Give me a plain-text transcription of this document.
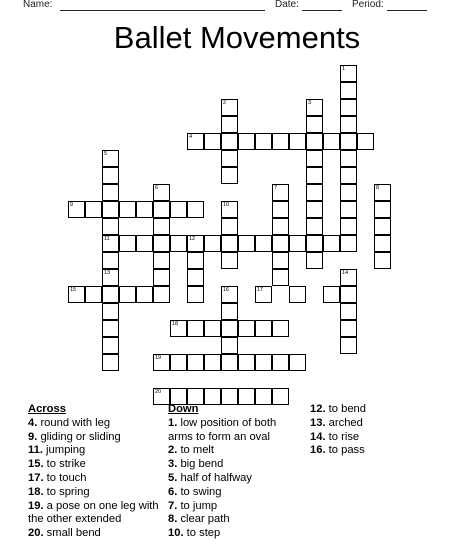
Name:	Date:	Period:
Ballet Movements
1
2	3
4
5
11
6	7	8
9	10
12
13	14
15	16	17
18
19
20
Across
4. round with leg
9. gliding or sliding
11. jumping
15. to strike
17. to touch
18. to spring
19. a pose on one leg with the other extended
20. small bend
Down
1. low position of both arms to form an oval
2. to melt
3. big bend
5. half of halfway
6. to swing
7. to jump
8. clear path
10. to step
12. to bend
13. arched
14. to rise
16. to pass
